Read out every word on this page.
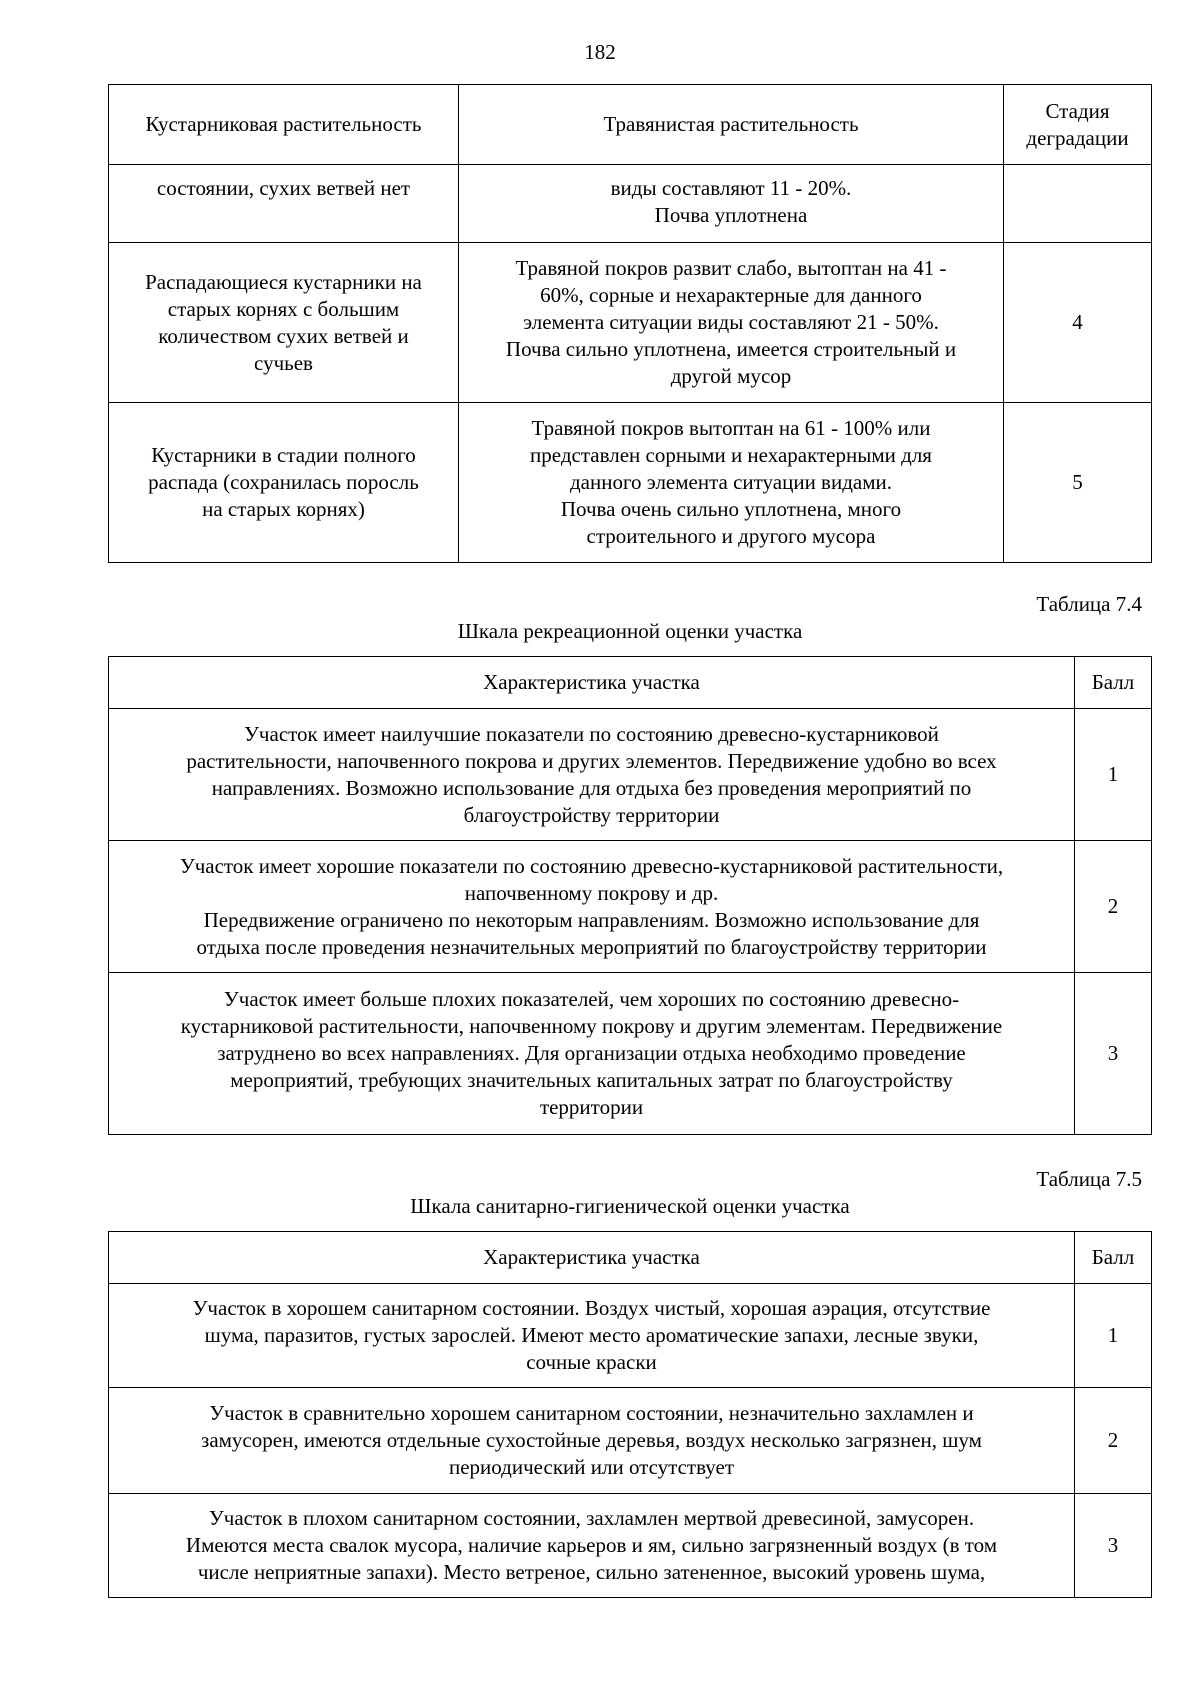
182
Кустарниковая растительность	Травянистая растительность	Стадия
деградации

состоянии, сухих ветвей нет	виды составляют 11 - 20%.
Почва уплотнена	

Распадающиеся кустарники на
старых корнях с большим
количеством сухих ветвей и
сучьев	Травяной покров развит слабо, вытоптан на 41 -
60%, сорные и нехарактерные для данного
элемента ситуации виды составляют 21 - 50%.
Почва сильно уплотнена, имеется строительный и
другой мусор	4

Кустарники в стадии полного
распада (сохранилась поросль
на старых корнях)	Травяной покров вытоптан на 61 - 100% или
представлен сорными и нехарактерными для
данного элемента ситуации видами.
Почва очень сильно уплотнена, много
строительного и другого мусора	5
Таблица 7.4
Шкала рекреационной оценки участка
Характеристика участка	Балл

Участок имеет наилучшие показатели по состоянию древесно-кустарниковой
растительности, напочвенного покрова и других элементов. Передвижение удобно во всех
направлениях. Возможно использование для отдыха без проведения мероприятий по
благоустройству территории	1

Участок имеет хорошие показатели по состоянию древесно-кустарниковой растительности,
напочвенному покрову и др.
Передвижение ограничено по некоторым направлениям. Возможно использование для
отдыха после проведения незначительных мероприятий по благоустройству территории	2

Участок имеет больше плохих показателей, чем хороших по состоянию древесно-
кустарниковой растительности, напочвенному покрову и другим элементам. Передвижение
затруднено во всех направлениях. Для организации отдыха необходимо проведение
мероприятий, требующих значительных капитальных затрат по благоустройству
территории	3
Таблица 7.5
Шкала санитарно-гигиенической оценки участка
Характеристика участка	Балл

Участок в хорошем санитарном состоянии. Воздух чистый, хорошая аэрация, отсутствие
шума, паразитов, густых зарослей. Имеют место ароматические запахи, лесные звуки,
сочные краски	1

Участок в сравнительно хорошем санитарном состоянии, незначительно захламлен и
замусорен, имеются отдельные сухостойные деревья, воздух несколько загрязнен, шум
периодический или отсутствует	2

Участок в плохом санитарном состоянии, захламлен мертвой древесиной, замусорен.
Имеются места свалок мусора, наличие карьеров и ям, сильно загрязненный воздух (в том
числе неприятные запахи). Место ветреное, сильно затененное, высокий уровень шума,	3
